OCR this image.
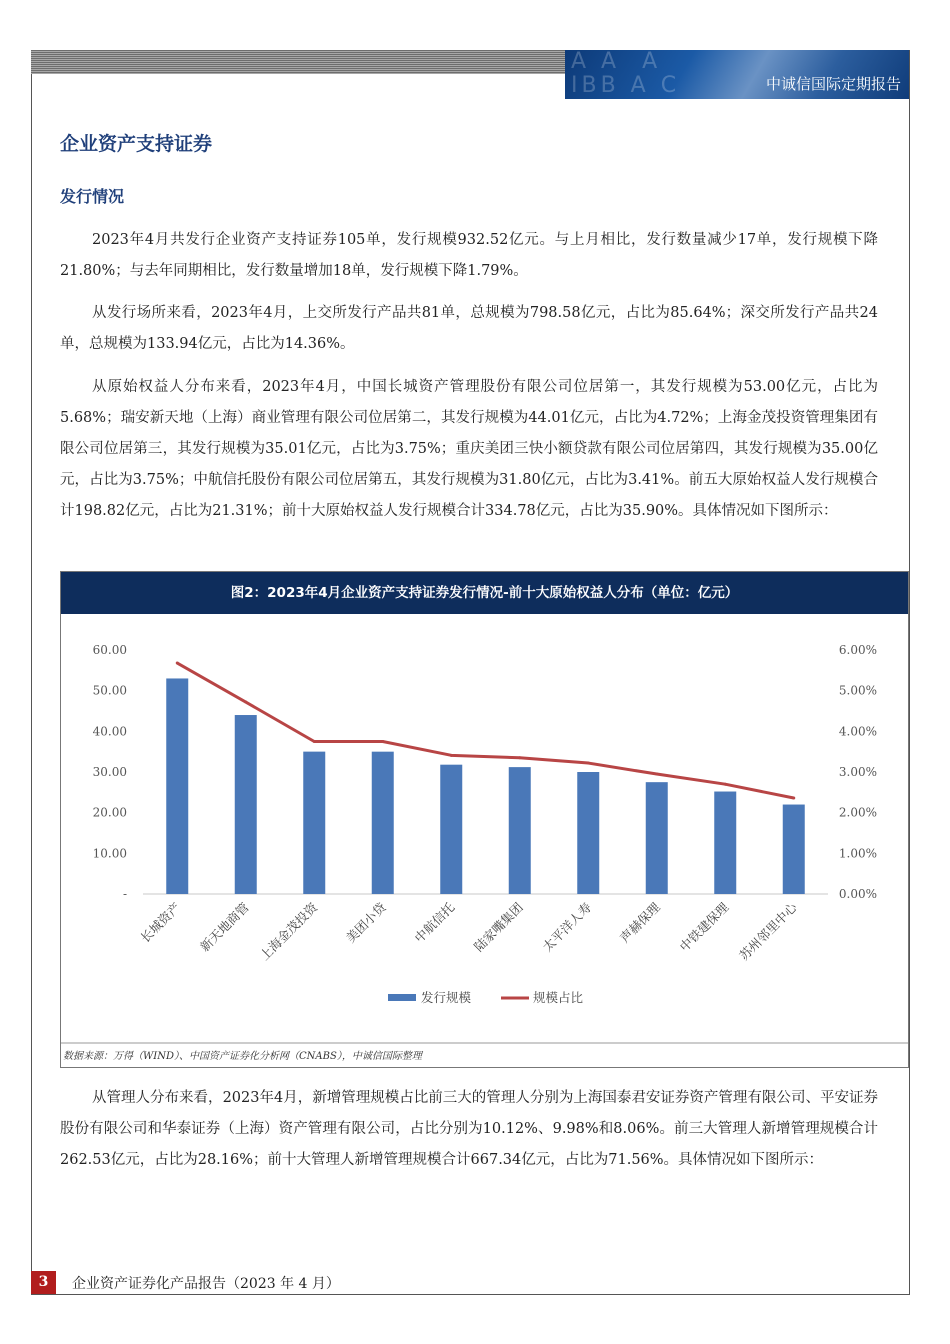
A A  A
IBB A C
CCA  A
中诚信国际定期报告
企业资产支持证券
发行情况

2023年4月共发行企业资产支持证券105单，发行规模932.52亿元。与上月相比，发行数量减少17单，发行规模下降21.80%；与去年同期相比，发行数量增加18单，发行规模下降1.79%。

从发行场所来看，2023年4月，上交所发行产品共81单，总规模为798.58亿元，占比为85.64%；深交所发行产品共24单，总规模为133.94亿元，占比为14.36%。

从原始权益人分布来看，2023年4月，中国长城资产管理股份有限公司位居第一，其发行规模为53.00亿元，占比为5.68%；瑞安新天地（上海）商业管理有限公司位居第二，其发行规模为44.01亿元，占比为4.72%；上海金茂投资管理集团有限公司位居第三，其发行规模为35.01亿元，占比为3.75%；重庆美团三快小额贷款有限公司位居第四，其发行规模为35.00亿元，占比为3.75%；中航信托股份有限公司位居第五，其发行规模为31.80亿元，占比为3.41%。前五大原始权益人发行规模合计198.82亿元，占比为21.31%；前十大原始权益人发行规模合计334.78亿元，占比为35.90%。具体情况如下图所示：

图2：2023年4月企业资产支持证券发行情况-前十大原始权益人分布（单位：亿元）
-
10.00
20.00
30.00
40.00
50.00
60.00
0.00%
1.00%
2.00%
3.00%
4.00%
5.00%
6.00%
长城资产 新天地商管 上海金茂投资 美团小贷 中航信托 陆家嘴集团 太平洋人寿 声赫保理 中铁建保理 苏州邻里中心
发行规模	规模占比
数据来源：万得（WIND）、中国资产证券化分析网（CNABS），中诚信国际整理

从管理人分布来看，2023年4月，新增管理规模占比前三大的管理人分别为上海国泰君安证券资产管理有限公司、平安证券股份有限公司和华泰证券（上海）资产管理有限公司，占比分别为10.12%、9.98%和8.06%。前三大管理人新增管理规模合计262.53亿元，占比为28.16%；前十大管理人新增管理规模合计667.34亿元，占比为71.56%。具体情况如下图所示：

3	企业资产证券化产品报告（2023 年 4 月）
